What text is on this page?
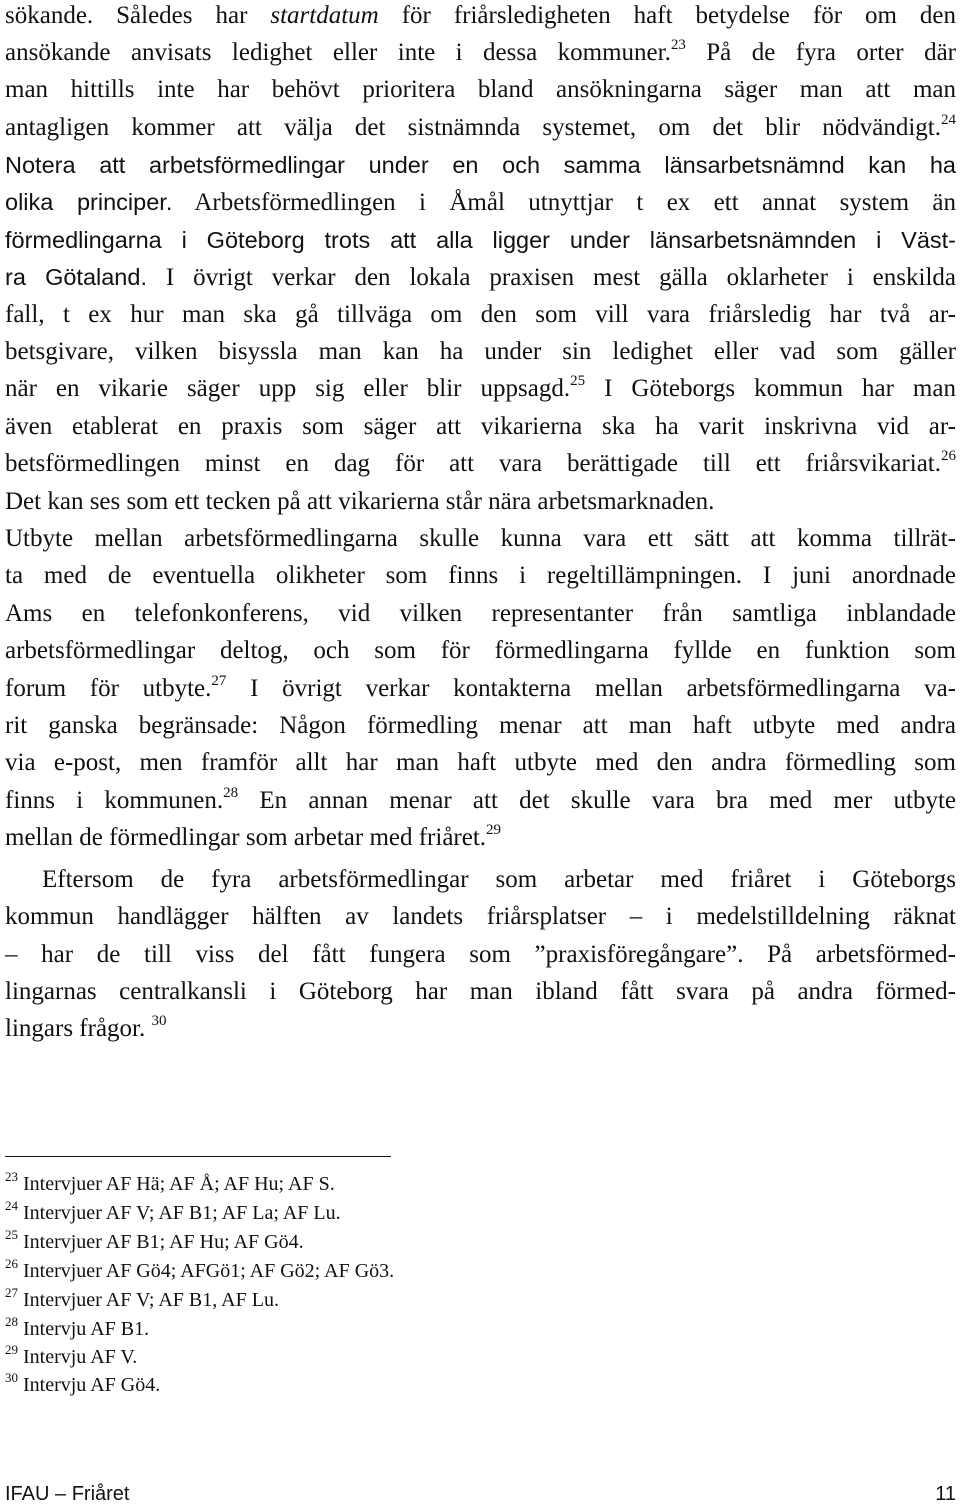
sökande. Således har startdatum för friårsledigheten haft betydelse för om den
ansökande anvisats ledighet eller inte i dessa kommuner.$^{23}$ På de fyra orter där
man hittills inte har behövt prioritera bland ansökningarna säger man att man
antagligen kommer att välja det sistnämnda systemet, om det blir nödvändigt.$^{24}$
Notera att arbetsförmedlingar under en och samma länsarbetsnämnd kan ha
olika principer. Arbetsförmedlingen i Åmål utnyttjar t ex ett annat system än
förmedlingarna i Göteborg trots att alla ligger under länsarbetsnämnden i Väst-
ra Götaland. I övrigt verkar den lokala praxisen mest gälla oklarheter i enskilda
fall, t ex hur man ska gå tillväga om den som vill vara friårsledig har två ar-
betsgivare, vilken bisyssla man kan ha under sin ledighet eller vad som gäller
när en vikarie säger upp sig eller blir uppsagd.$^{25}$ I Göteborgs kommun har man
även etablerat en praxis som säger att vikarierna ska ha varit inskrivna vid ar-
betsförmedlingen minst en dag för att vara berättigade till ett friårsvikariat.$^{26}$
Det kan ses som ett tecken på att vikarierna står nära arbetsmarknaden.
Utbyte mellan arbetsförmedlingarna skulle kunna vara ett sätt att komma tillrät-
ta med de eventuella olikheter som finns i regeltillämpningen. I juni anordnade
Ams en telefonkonferens, vid vilken representanter från samtliga inblandade
arbetsförmedlingar deltog, och som för förmedlingarna fyllde en funktion som
forum för utbyte.$^{27}$ I övrigt verkar kontakterna mellan arbetsförmedlingarna va-
rit ganska begränsade: Någon förmedling menar att man haft utbyte med andra
via e-post, men framför allt har man haft utbyte med den andra förmedling som
finns i kommunen.$^{28}$ En annan menar att det skulle vara bra med mer utbyte
mellan de förmedlingar som arbetar med friåret.$^{29}$
Eftersom de fyra arbetsförmedlingar som arbetar med friåret i Göteborgs
kommun handlägger hälften av landets friårsplatser – i medelstilldelning räknat
– har de till viss del fått fungera som ”praxisföregångare”. På arbetsförmed-
lingarnas centralkansli i Göteborg har man ibland fått svara på andra förmed-
lingars frågor. $^{30}$
$^{23}$ Intervjuer AF Hä; AF Å; AF Hu; AF S.
$^{24}$ Intervjuer AF V; AF B1; AF La; AF Lu.
$^{25}$ Intervjuer AF B1; AF Hu; AF Gö4.
$^{26}$ Intervjuer AF Gö4; AFGö1; AF Gö2; AF Gö3.
$^{27}$ Intervjuer AF V; AF B1, AF Lu.
$^{28}$ Intervju AF B1.
$^{29}$ Intervju AF V.
$^{30}$ Intervju AF Gö4.
IFAU – Friåret	11
